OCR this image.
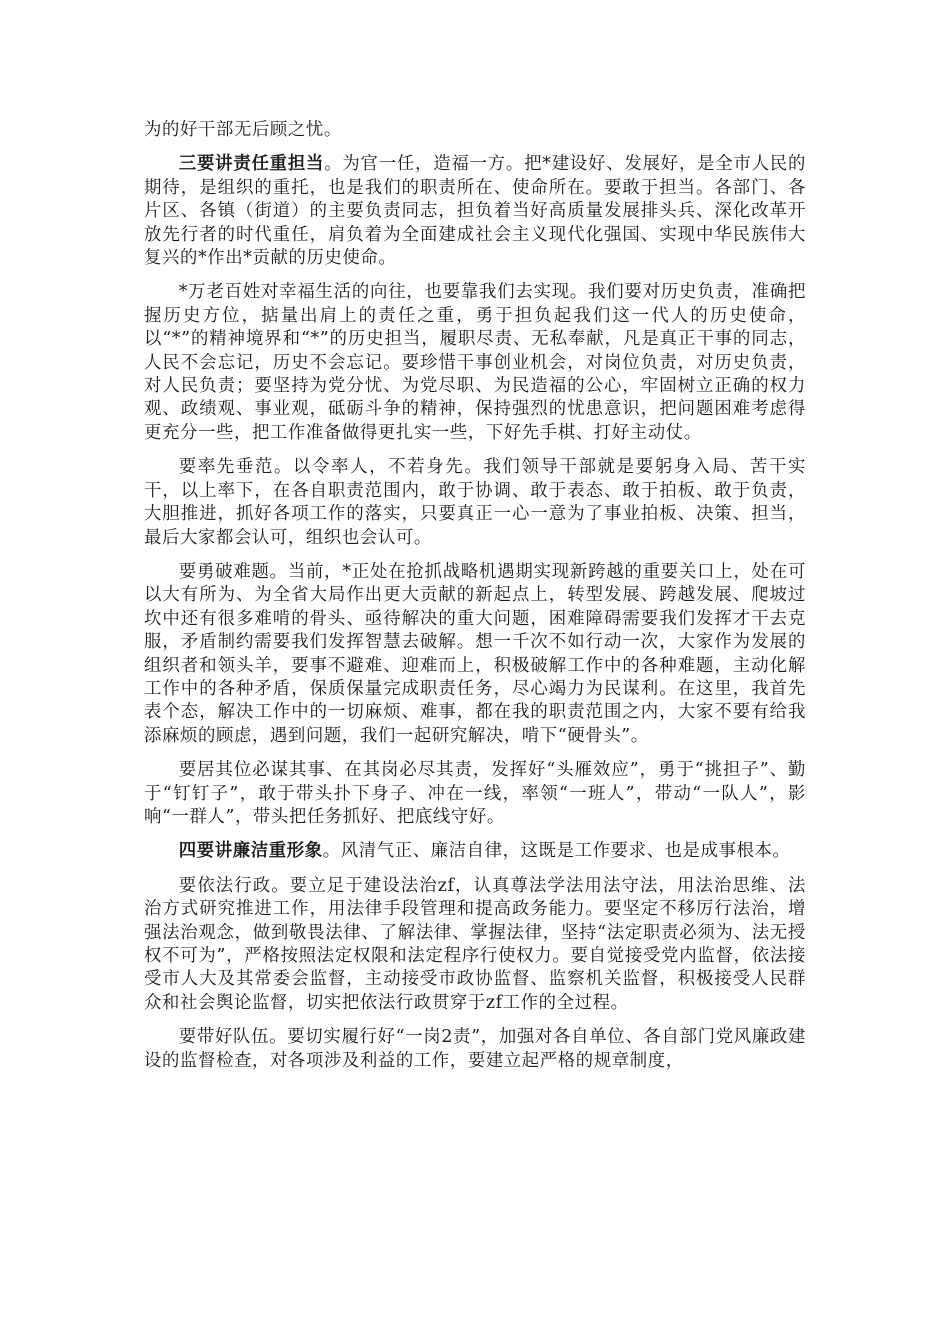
为的好干部无后顾之忧。

三要讲责任重担当。为官一任，造福一方。把*建设好、发展好，是全市人民的期待，是组织的重托，也是我们的职责所在、使命所在。要敢于担当。各部门、各片区、各镇（街道）的主要负责同志，担负着当好高质量发展排头兵、深化改革开放先行者的时代重任，肩负着为全面建成社会主义现代化强国、实现中华民族伟大复兴的*作出*贡献的历史使命。

*万老百姓对幸福生活的向往，也要靠我们去实现。我们要对历史负责，准确把握历史方位，掂量出肩上的责任之重，勇于担负起我们这一代人的历史使命，以“*”的精神境界和“*”的历史担当，履职尽责、无私奉献，凡是真正干事的同志，人民不会忘记，历史不会忘记。要珍惜干事创业机会，对岗位负责，对历史负责，对人民负责；要坚持为党分忧、为党尽职、为民造福的公心，牢固树立正确的权力观、政绩观、事业观，砥砺斗争的精神，保持强烈的忧患意识，把问题困难考虑得更充分一些，把工作准备做得更扎实一些，下好先手棋、打好主动仗。

要率先垂范。以令率人，不若身先。我们领导干部就是要躬身入局、苦干实干，以上率下，在各自职责范围内，敢于协调、敢于表态、敢于拍板、敢于负责，大胆推进，抓好各项工作的落实，只要真正一心一意为了事业拍板、决策、担当，最后大家都会认可，组织也会认可。

要勇破难题。当前，*正处在抢抓战略机遇期实现新跨越的重要关口上，处在可以大有所为、为全省大局作出更大贡献的新起点上，转型发展、跨越发展、爬坡过坎中还有很多难啃的骨头、亟待解决的重大问题，困难障碍需要我们发挥才干去克服，矛盾制约需要我们发挥智慧去破解。想一千次不如行动一次，大家作为发展的组织者和领头羊，要事不避难、迎难而上，积极破解工作中的各种难题，主动化解工作中的各种矛盾，保质保量完成职责任务，尽心竭力为民谋利。在这里，我首先表个态，解决工作中的一切麻烦、难事，都在我的职责范围之内，大家不要有给我添麻烦的顾虑，遇到问题，我们一起研究解决，啃下“硬骨头”。

要居其位必谋其事、在其岗必尽其责，发挥好“头雁效应”，勇于“挑担子”、勤于“钉钉子”，敢于带头扑下身子、冲在一线，率领“一班人”，带动“一队人”，影响“一群人”，带头把任务抓好、把底线守好。

四要讲廉洁重形象。风清气正、廉洁自律，这既是工作要求、也是成事根本。

要依法行政。要立足于建设法治zf，认真尊法学法用法守法，用法治思维、法治方式研究推进工作，用法律手段管理和提高政务能力。要坚定不移厉行法治，增强法治观念，做到敬畏法律、了解法律、掌握法律，坚持“法定职责必须为、法无授权不可为”，严格按照法定权限和法定程序行使权力。要自觉接受党内监督，依法接受市人大及其常委会监督，主动接受市政协监督、监察机关监督，积极接受人民群众和社会舆论监督，切实把依法行政贯穿于zf工作的全过程。

要带好队伍。要切实履行好“一岗2责”，加强对各自单位、各自部门党风廉政建设的监督检查，对各项涉及利益的工作，要建立起严格的规章制度，
